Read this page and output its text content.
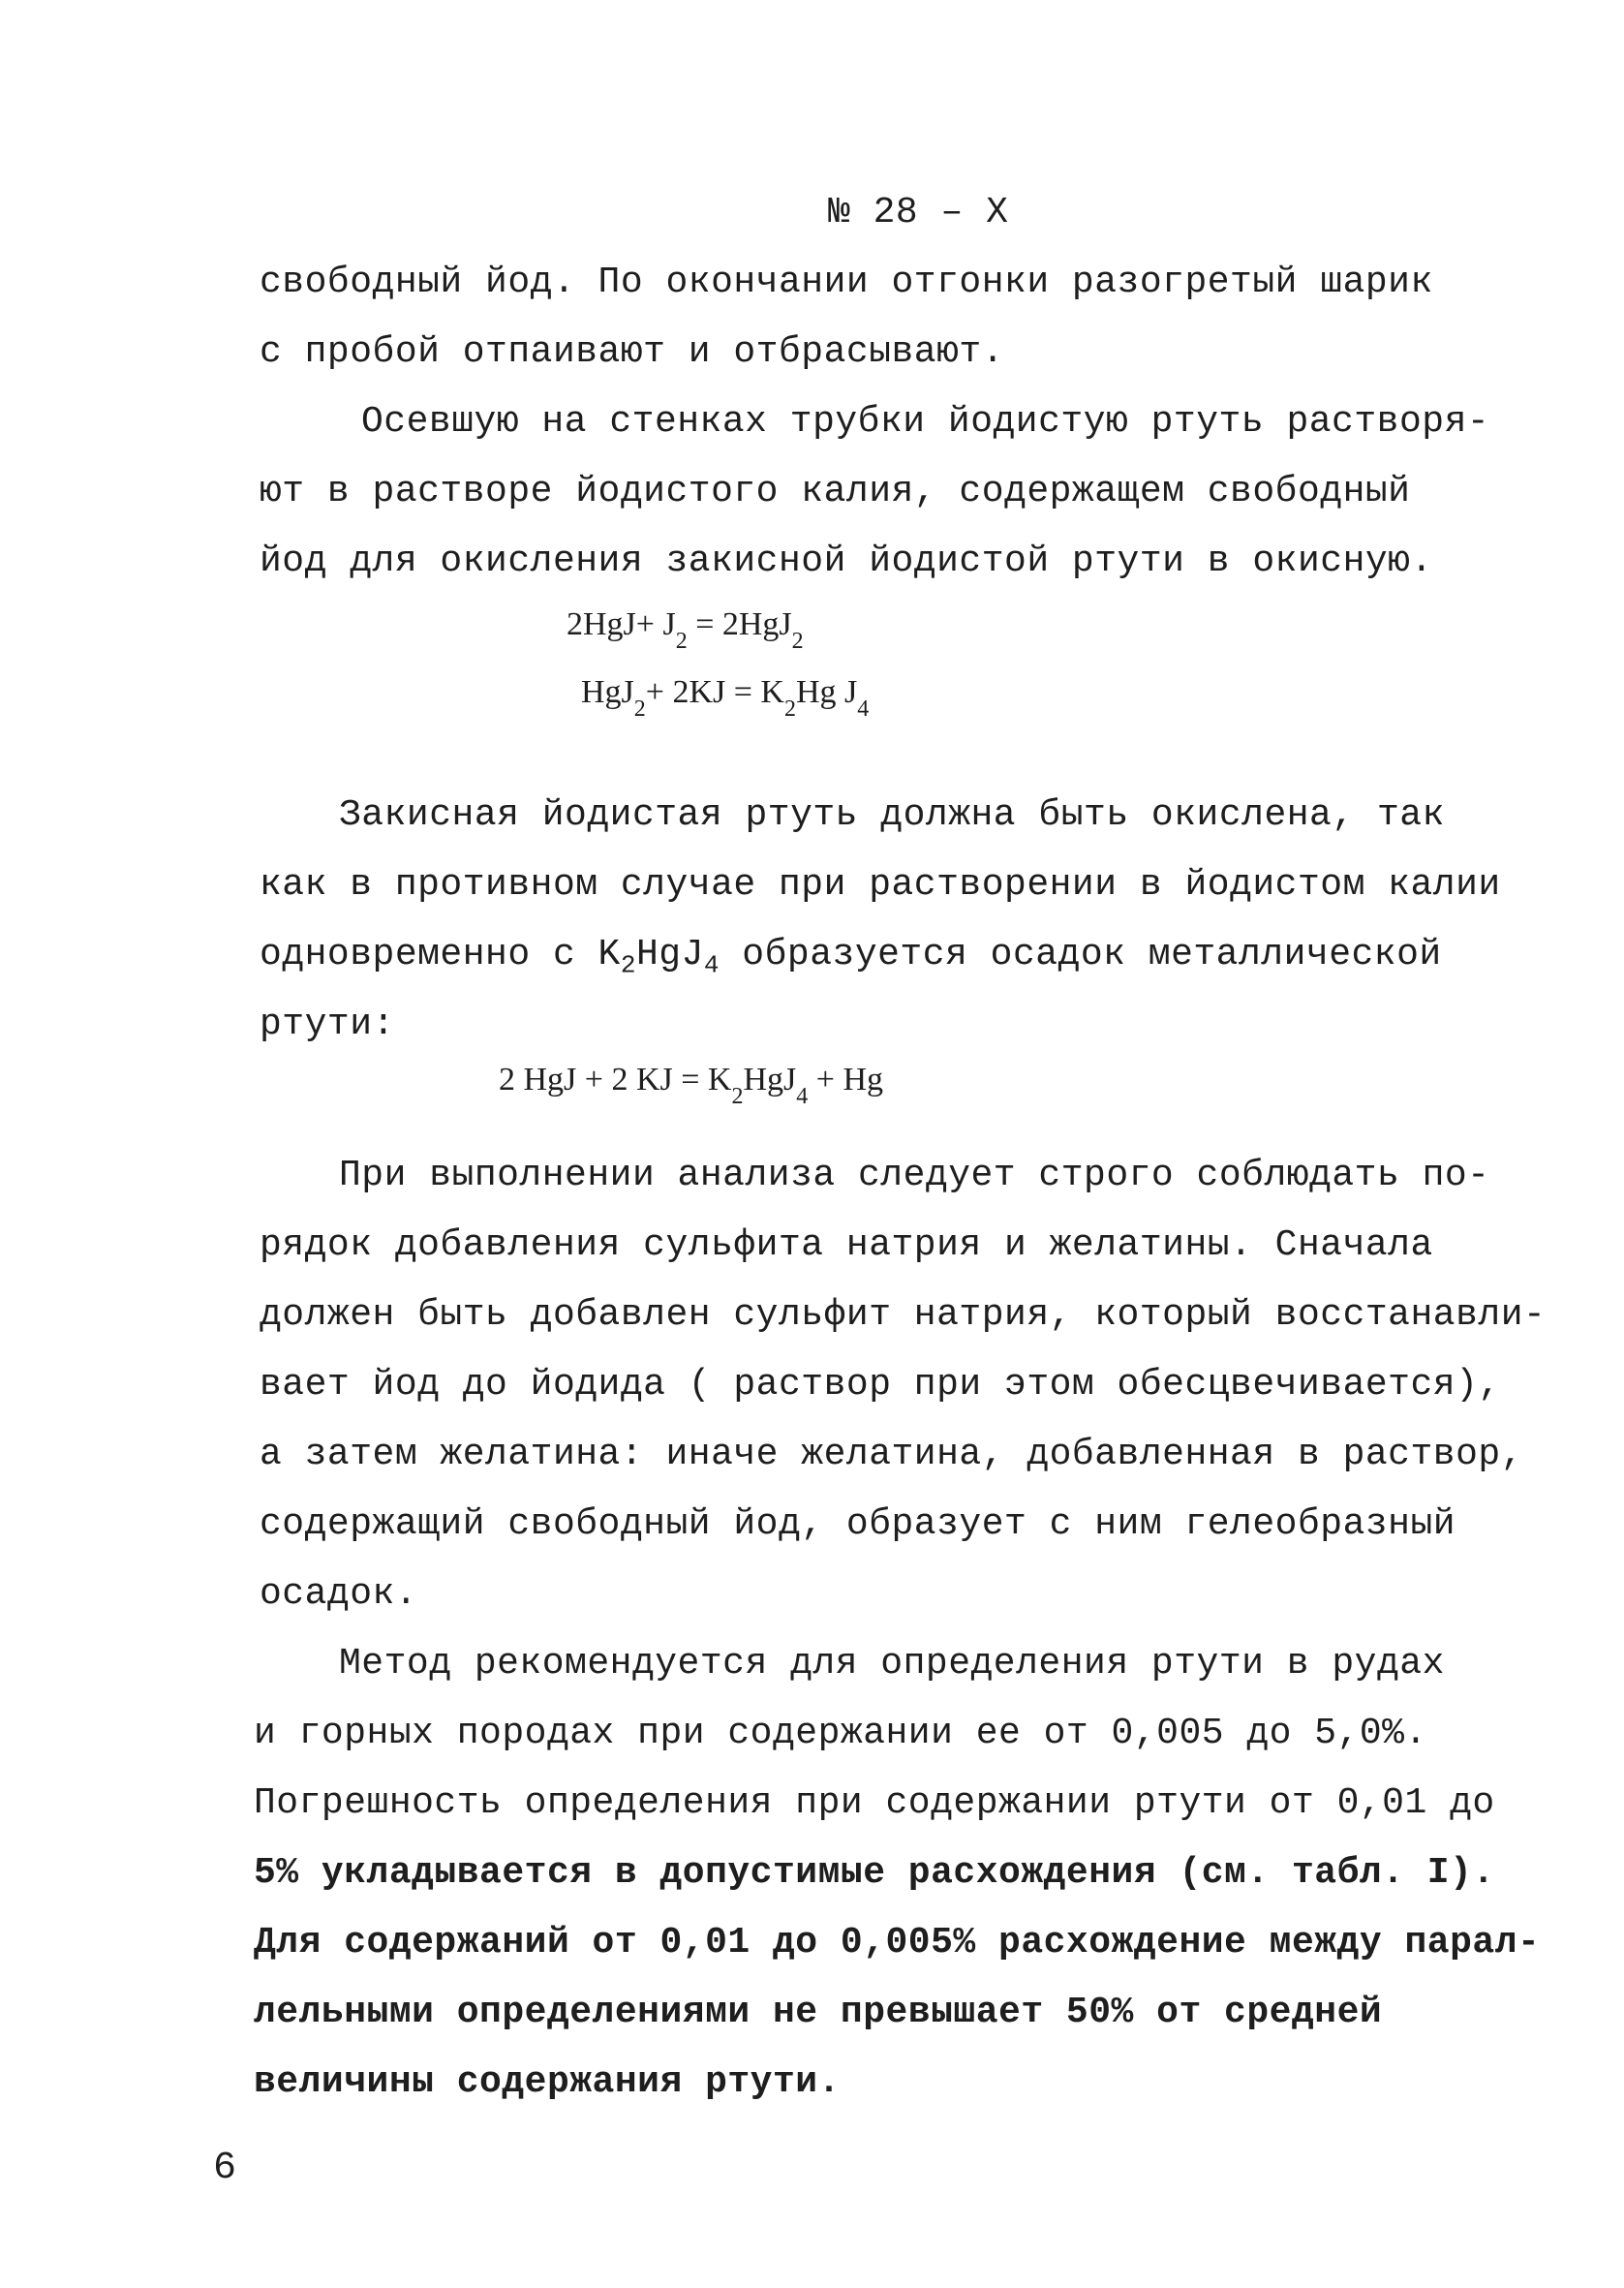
№ 28 – X
свободный йод. По окончании отгонки разогретый шарик
с пробой отпаивают и отбрасывают.
Осевшую на стенках трубки йодистую ртуть растворя-
ют в растворе йодистого калия, содержащем свободный
йод для окисления закисной йодистой ртути в окисную.
$2HgJ+ J_2 = 2HgJ_2$
$HgJ_2+ 2KJ = K_2Hg$ $J_4$
Закисная йодистая ртуть должна быть окислена, так
как в противном случае при растворении в йодистом калии
одновременно с $K_2HgJ_4$ образуется осадок металлической
ртути:
2 HgJ + 2 KJ = $K_2HgJ_4 + Hg$
При выполнении анализа следует строго соблюдать по-
рядок добавления сульфита натрия и желатины. Сначала
должен быть добавлен сульфит натрия, который восстанавли-
вает йод до йодида ( раствор при этом обесцвечивается),
а затем желатина: иначе желатина, добавленная в раствор,
содержащий свободный йод, образует с ним гелеобразный
осадок.
Метод рекомендуется для определения ртути в рудах
и горных породах при содержании ее от 0,005 до 5,0%.
Погрешность определения при содержании ртути от 0,01 до
5% укладывается в допустимые расхождения (см. табл. I).
Для содержаний от 0,01 до 0,005% расхождение между парал-
лельными определениями не превышает 50% от средней
величины содержания ртути.
6
